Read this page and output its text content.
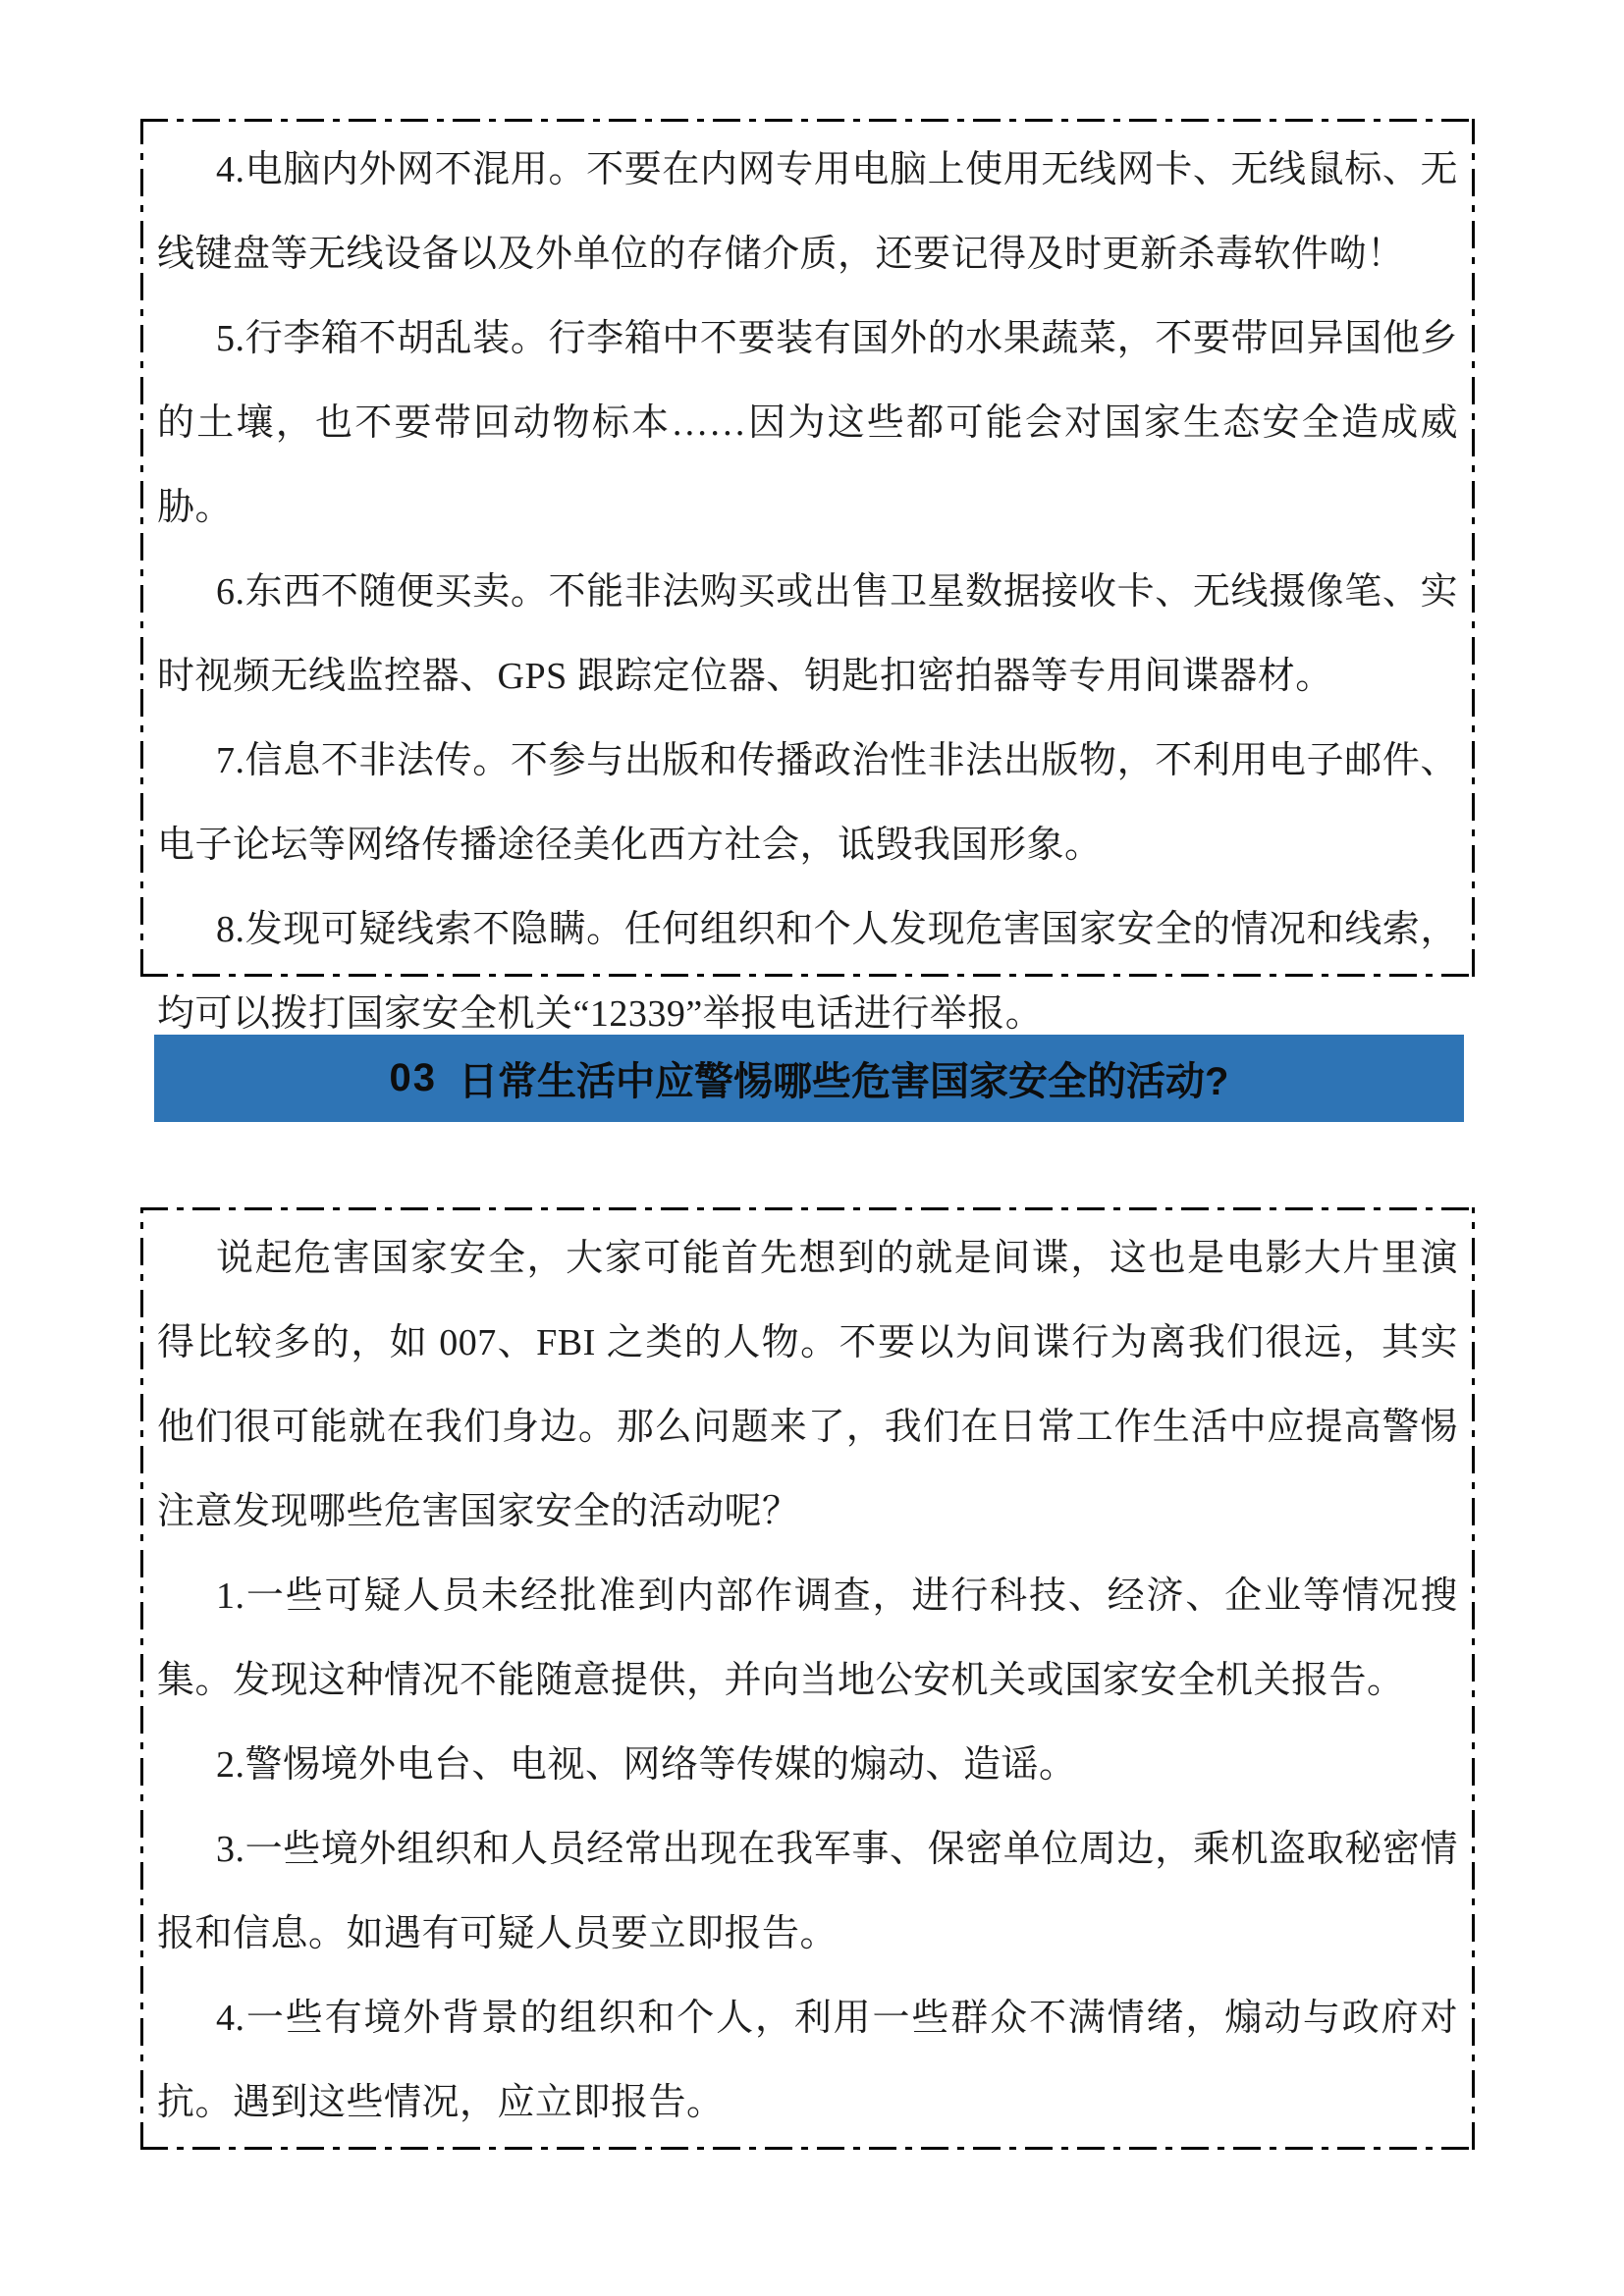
4.电脑内外网不混用。不要在内网专用电脑上使用无线网卡、无线鼠标、无线键盘等无线设备以及外单位的存储介质，还要记得及时更新杀毒软件呦！

5.行李箱不胡乱装。行李箱中不要装有国外的水果蔬菜，不要带回异国他乡的土壤，也不要带回动物标本……因为这些都可能会对国家生态安全造成威胁。

6.东西不随便买卖。不能非法购买或出售卫星数据接收卡、无线摄像笔、实时视频无线监控器、GPS 跟踪定位器、钥匙扣密拍器等专用间谍器材。

7.信息不非法传。不参与出版和传播政治性非法出版物，不利用电子邮件、电子论坛等网络传播途径美化西方社会，诋毁我国形象。

8.发现可疑线索不隐瞒。任何组织和个人发现危害国家安全的情况和线索，均可以拨打国家安全机关“12339”举报电话进行举报。

03 日常生活中应警惕哪些危害国家安全的活动?

说起危害国家安全，大家可能首先想到的就是间谍，这也是电影大片里演得比较多的，如 007、FBI 之类的人物。不要以为间谍行为离我们很远，其实他们很可能就在我们身边。那么问题来了，我们在日常工作生活中应提高警惕注意发现哪些危害国家安全的活动呢？

1.一些可疑人员未经批准到内部作调查，进行科技、经济、企业等情况搜集。发现这种情况不能随意提供，并向当地公安机关或国家安全机关报告。

2.警惕境外电台、电视、网络等传媒的煽动、造谣。

3.一些境外组织和人员经常出现在我军事、保密单位周边，乘机盗取秘密情报和信息。如遇有可疑人员要立即报告。

4.一些有境外背景的组织和个人，利用一些群众不满情绪，煽动与政府对抗。遇到这些情况，应立即报告。
